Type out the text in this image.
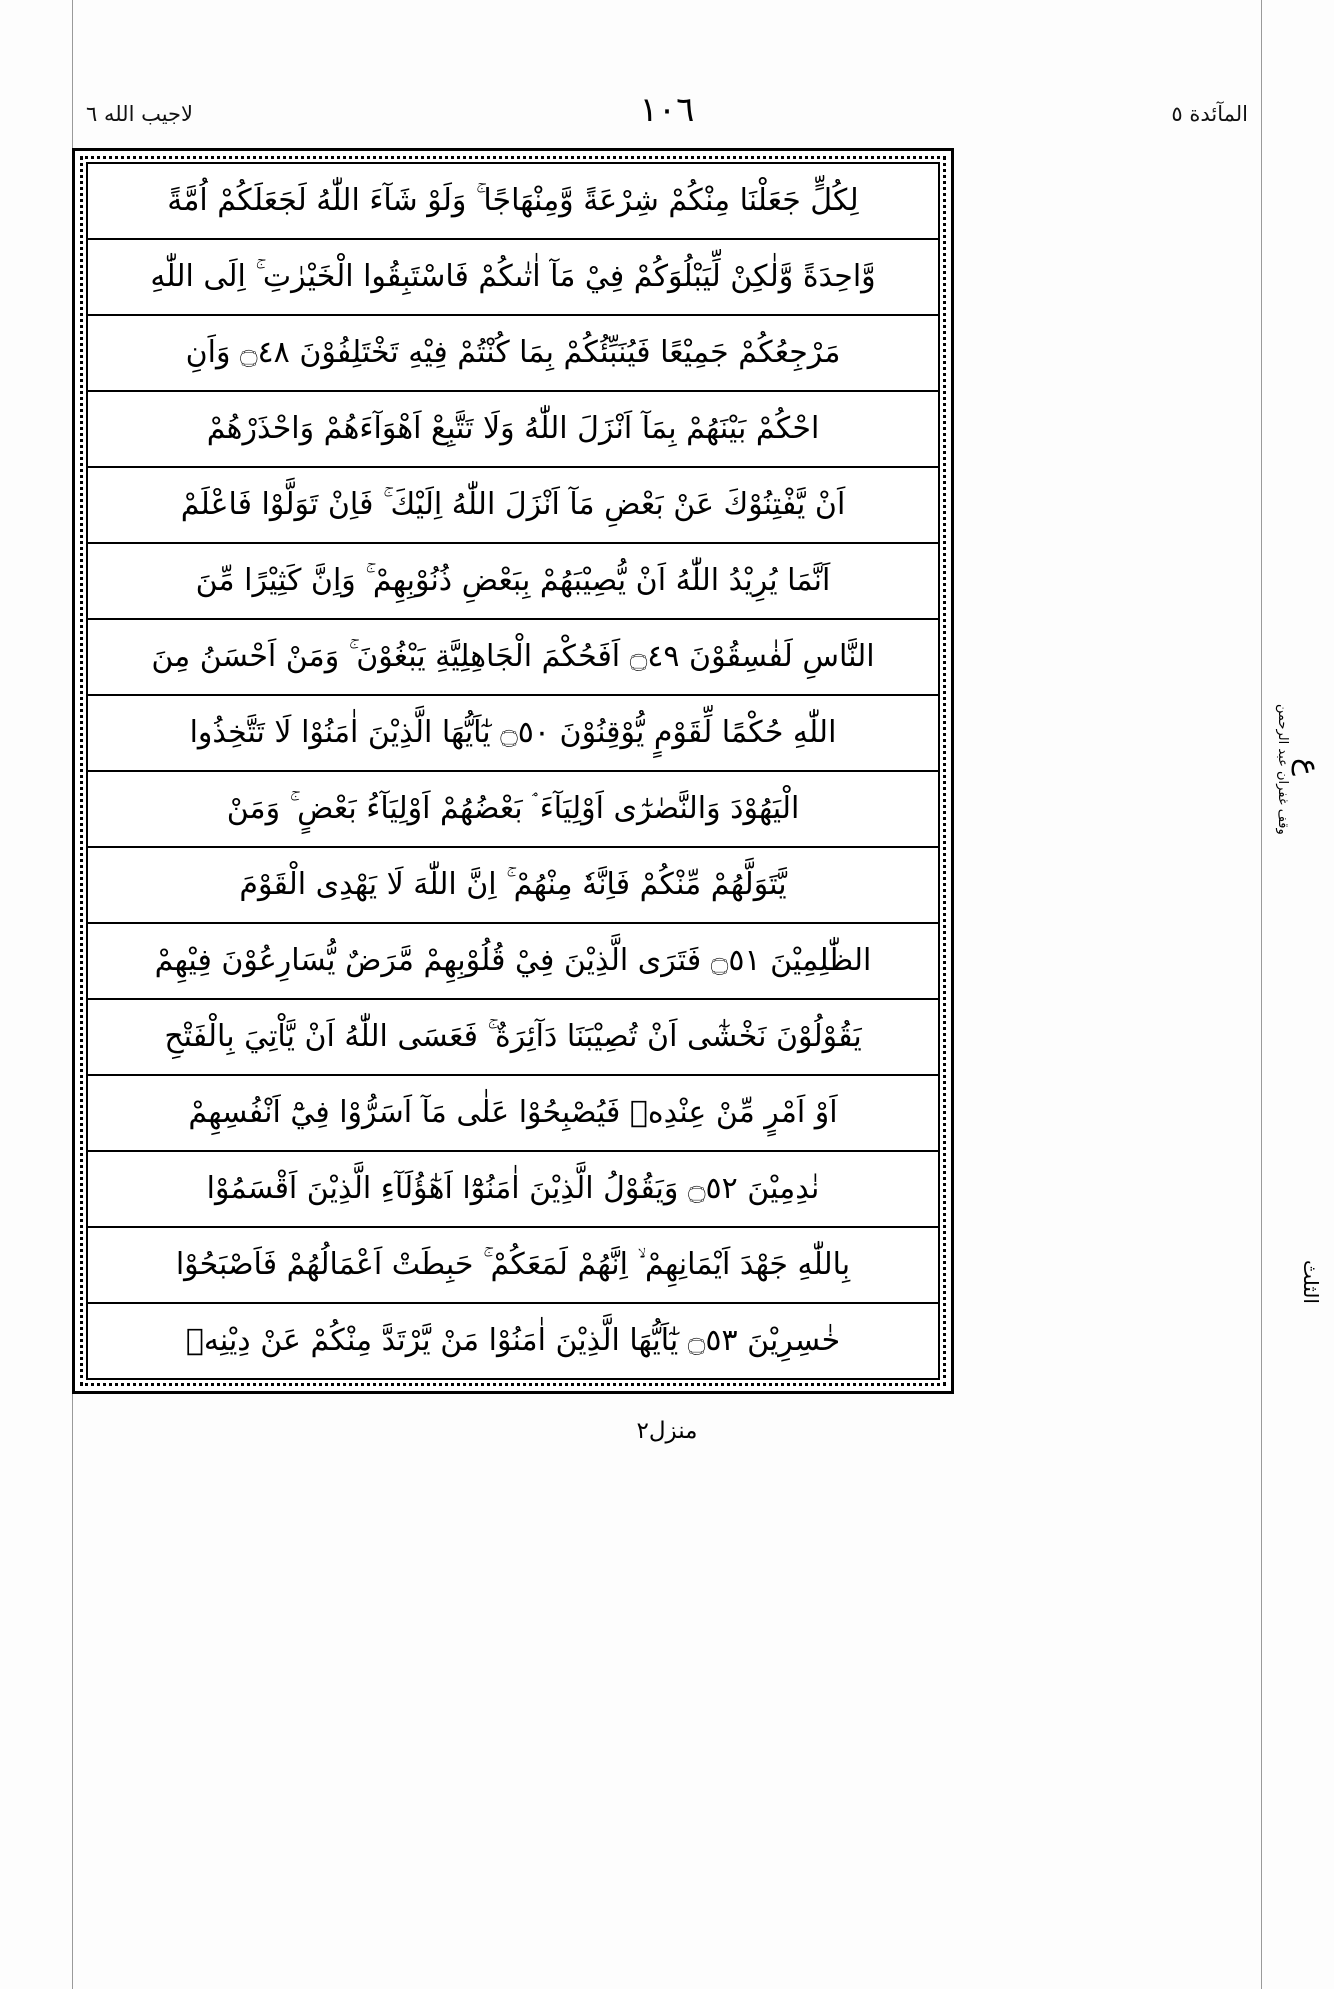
المآئدة ٥
١٠٦
لاجیب الله ٦
لِكُلٍّ جَعَلْنَا مِنْكُمْ شِرْعَةً وَّمِنْهَاجًا ۚ وَلَوْ شَآءَ اللّٰهُ لَجَعَلَكُمْ اُمَّةً
وَّاحِدَةً وَّلٰكِنْ لِّيَبْلُوَكُمْ فِيْ مَآ اٰتٰىكُمْ فَاسْتَبِقُوا الْخَيْرٰتِ ۚ اِلَى اللّٰهِ
مَرْجِعُكُمْ جَمِيْعًا فَيُنَبِّئُكُمْ بِمَا كُنْتُمْ فِيْهِ تَخْتَلِفُوْنَ ۝٤٨ وَاَنِ
احْكُمْ بَيْنَهُمْ بِمَآ اَنْزَلَ اللّٰهُ وَلَا تَتَّبِعْ اَهْوَآءَهُمْ وَاحْذَرْهُمْ
اَنْ يَّفْتِنُوْكَ عَنْ بَعْضِ مَآ اَنْزَلَ اللّٰهُ اِلَيْكَ ۚ فَاِنْ تَوَلَّوْا فَاعْلَمْ
اَنَّمَا يُرِيْدُ اللّٰهُ اَنْ يُّصِيْبَهُمْ بِبَعْضِ ذُنُوْبِهِمْ ۚ وَاِنَّ كَثِيْرًا مِّنَ
النَّاسِ لَفٰسِقُوْنَ ۝٤٩ اَفَحُكْمَ الْجَاهِلِيَّةِ يَبْغُوْنَ ۚ وَمَنْ اَحْسَنُ مِنَ
اللّٰهِ حُكْمًا لِّقَوْمٍ يُّوْقِنُوْنَ ۝٥٠ يٰٓاَيُّهَا الَّذِيْنَ اٰمَنُوْا لَا تَتَّخِذُوا
الْيَهُوْدَ وَالنَّصٰرٰٓى اَوْلِيَآءَ ۘ بَعْضُهُمْ اَوْلِيَآءُ بَعْضٍ ۚ وَمَنْ
يَّتَوَلَّهُمْ مِّنْكُمْ فَاِنَّهٗ مِنْهُمْ ۚ اِنَّ اللّٰهَ لَا يَهْدِى الْقَوْمَ
الظّٰلِمِيْنَ ۝٥١ فَتَرَى الَّذِيْنَ فِيْ قُلُوْبِهِمْ مَّرَضٌ يُّسَارِعُوْنَ فِيْهِمْ
يَقُوْلُوْنَ نَخْشٰٓى اَنْ تُصِيْبَنَا دَآئِرَةٌ ۚ فَعَسَى اللّٰهُ اَنْ يَّاْتِيَ بِالْفَتْحِ
اَوْ اَمْرٍ مِّنْ عِنْدِهٖ فَيُصْبِحُوْا عَلٰى مَآ اَسَرُّوْا فِيْٓ اَنْفُسِهِمْ
نٰدِمِيْنَ ۝٥٢ وَيَقُوْلُ الَّذِيْنَ اٰمَنُوْٓا اَهٰٓؤُلَآءِ الَّذِيْنَ اَقْسَمُوْا
بِاللّٰهِ جَهْدَ اَيْمَانِهِمْ ۙ اِنَّهُمْ لَمَعَكُمْ ۚ حَبِطَتْ اَعْمَالُهُمْ فَاَصْبَحُوْا
خٰسِرِيْنَ ۝٥٣ يٰٓاَيُّهَا الَّذِيْنَ اٰمَنُوْا مَنْ يَّرْتَدَّ مِنْكُمْ عَنْ دِيْنِهٖ
ع
وقف غفران عبد الرحمن
الثلث
منزل٢
